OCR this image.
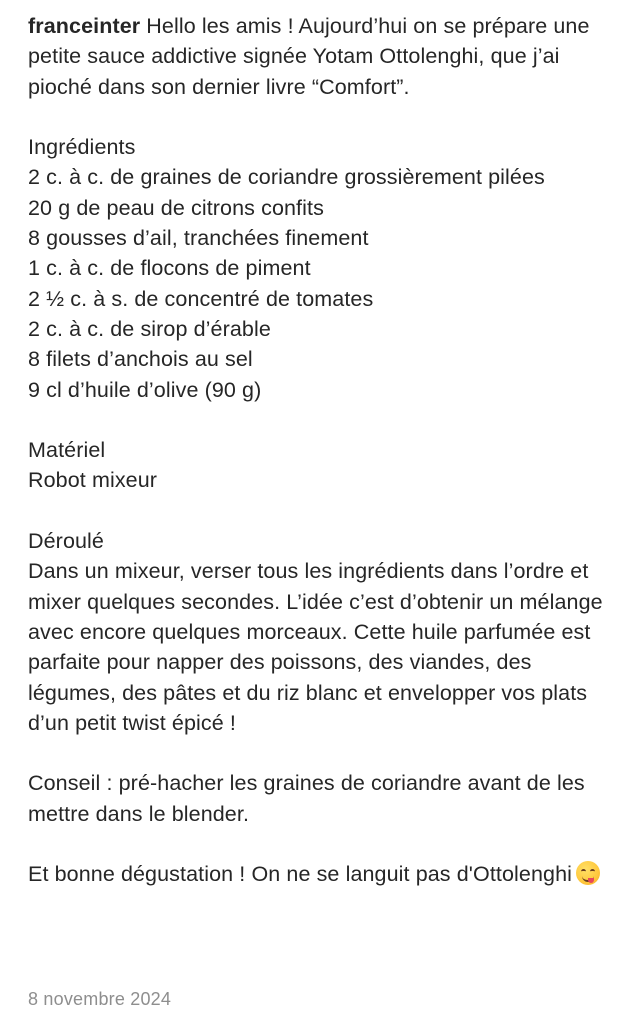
franceinter Hello les amis ! Aujourd’hui on se prépare une petite sauce addictive signée Yotam Ottolenghi, que j’ai pioché dans son dernier livre “Comfort”.

Ingrédients

2 c. à c. de graines de coriandre grossièrement pilées

20 g de peau de citrons confits

8 gousses d’ail, tranchées finement

1 c. à c. de flocons de piment

2 ½ c. à s. de concentré de tomates

2 c. à c. de sirop d’érable

8 filets d’anchois au sel

9 cl d’huile d’olive (90 g)

Matériel

Robot mixeur

Déroulé

Dans un mixeur, verser tous les ingrédients dans l’ordre et mixer quelques secondes. L’idée c’est d’obtenir un mélange avec encore quelques morceaux. Cette huile parfumée est parfaite pour napper des poissons, des viandes, des légumes, des pâtes et du riz blanc et envelopper vos plats d’un petit twist épicé !

Conseil : pré-hacher les graines de coriandre avant de les mettre dans le blender.

Et bonne dégustation ! On ne se languit pas d'Ottolenghi

8 novembre 2024
